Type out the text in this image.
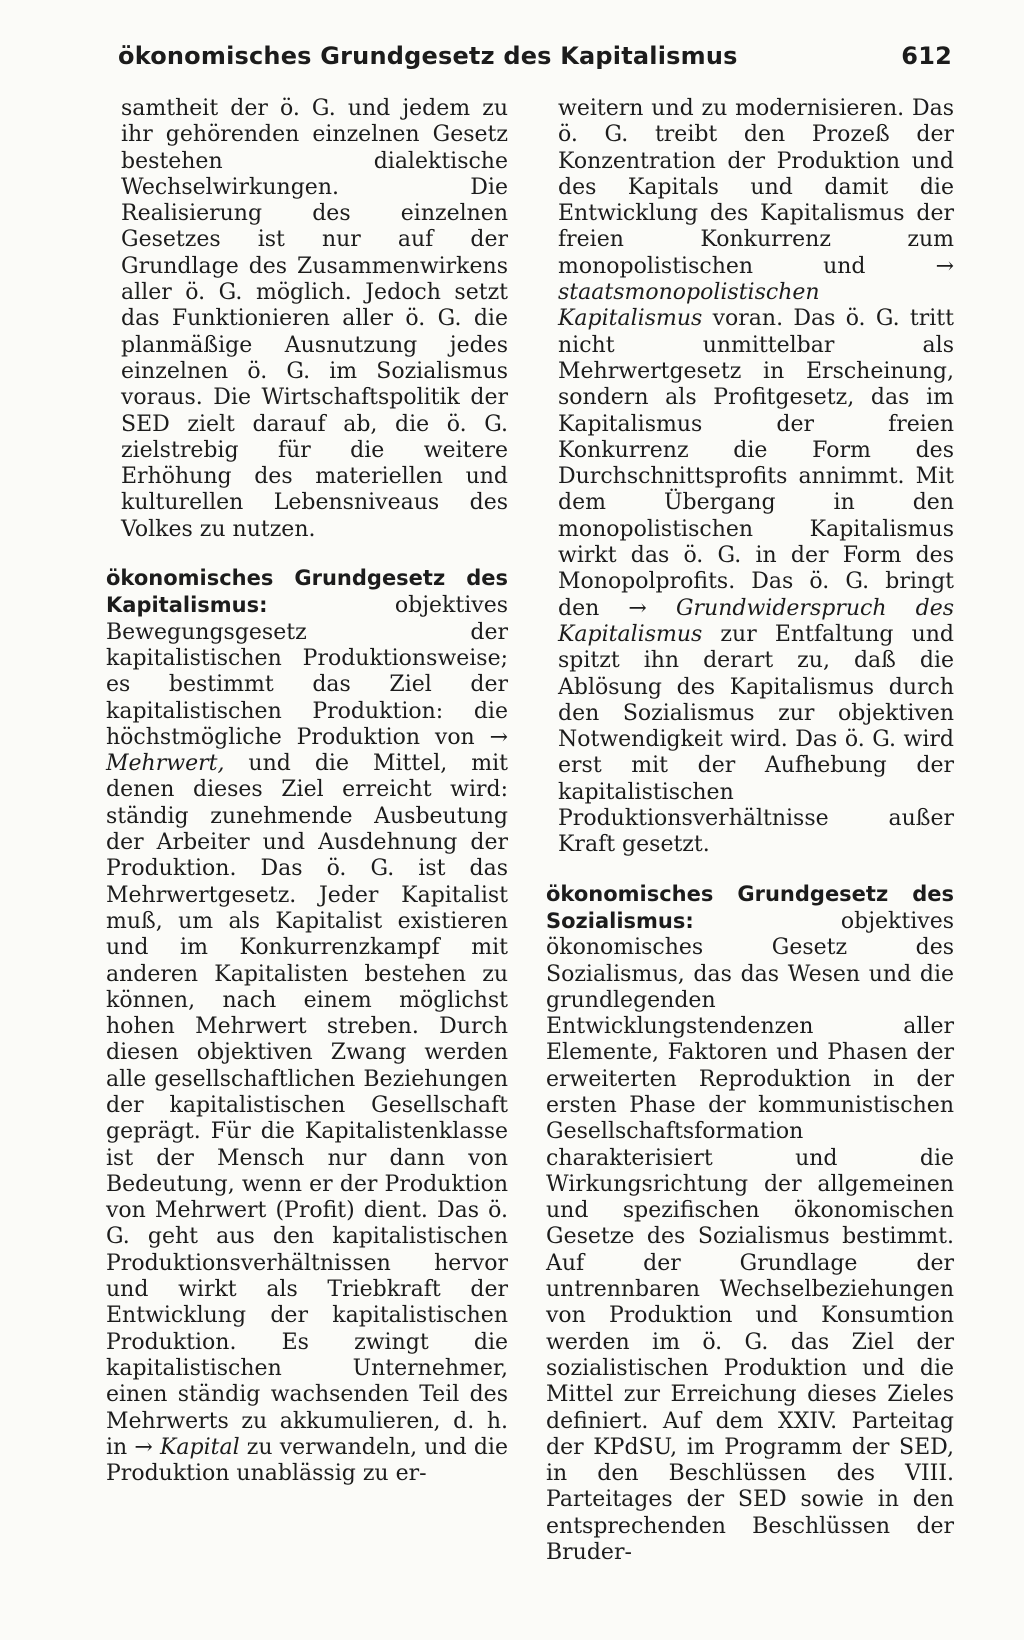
ökonomisches Grundgesetz des Kapitalismus	612

samtheit der ö. G. und jedem zu ihr gehörenden einzelnen Gesetz bestehen dialektische Wechselwirkungen. Die Realisierung des einzelnen Gesetzes ist nur auf der Grundlage des Zusammenwirkens aller ö. G. möglich. Jedoch setzt das Funktionieren aller ö. G. die planmäßige Ausnutzung jedes einzelnen ö. G. im Sozialismus voraus. Die Wirtschaftspolitik der SED zielt darauf ab, die ö. G. zielstrebig für die weitere Erhöhung des materiellen und kulturellen Lebensniveaus des Volkes zu nutzen.

ökonomisches Grundgesetz des Kapitalismus: objektives Bewegungsgesetz der kapitalistischen Produktionsweise; es bestimmt das Ziel der kapitalistischen Produktion: die höchstmögliche Produktion von → Mehrwert, und die Mittel, mit denen dieses Ziel erreicht wird: ständig zunehmende Ausbeutung der Arbeiter und Ausdehnung der Produktion. Das ö. G. ist das Mehrwertgesetz. Jeder Kapitalist muß, um als Kapitalist existieren und im Konkurrenzkampf mit anderen Kapitalisten bestehen zu können, nach einem möglichst hohen Mehrwert streben. Durch diesen objektiven Zwang werden alle gesellschaftlichen Beziehungen der kapitalistischen Gesellschaft geprägt. Für die Kapitalistenklasse ist der Mensch nur dann von Bedeutung, wenn er der Produktion von Mehrwert (Profit) dient. Das ö. G. geht aus den kapitalistischen Produktionsverhältnissen hervor und wirkt als Triebkraft der Entwicklung der kapitalistischen Produktion. Es zwingt die kapitalistischen Unternehmer, einen ständig wachsenden Teil des Mehrwerts zu akkumulieren, d. h. in → Kapital zu verwandeln, und die Produktion unablässig zu er-

weitern und zu modernisieren. Das ö. G. treibt den Prozeß der Konzentration der Produktion und des Kapitals und damit die Entwicklung des Kapitalismus der freien Konkurrenz zum monopolistischen und → staatsmonopolistischen Kapitalismus voran. Das ö. G. tritt nicht unmittelbar als Mehrwertgesetz in Erscheinung, sondern als Profitgesetz, das im Kapitalismus der freien Konkurrenz die Form des Durchschnittsprofits annimmt. Mit dem Übergang in den monopolistischen Kapitalismus wirkt das ö. G. in der Form des Monopolprofits. Das ö. G. bringt den → Grundwiderspruch des Kapitalismus zur Entfaltung und spitzt ihn derart zu, daß die Ablösung des Kapitalismus durch den Sozialismus zur objektiven Notwendigkeit wird. Das ö. G. wird erst mit der Aufhebung der kapitalistischen Produktionsverhältnisse außer Kraft gesetzt.

ökonomisches Grundgesetz des Sozialismus: objektives ökonomisches Gesetz des Sozialismus, das das Wesen und die grundlegenden Entwicklungstendenzen aller Elemente, Faktoren und Phasen der erweiterten Reproduktion in der ersten Phase der kommunistischen Gesellschaftsformation charakterisiert und die Wirkungsrichtung der allgemeinen und spezifischen ökonomischen Gesetze des Sozialismus bestimmt. Auf der Grundlage der untrennbaren Wechselbeziehungen von Produktion und Konsumtion werden im ö. G. das Ziel der sozialistischen Produktion und die Mittel zur Erreichung dieses Zieles definiert. Auf dem XXIV. Parteitag der KPdSU, im Programm der SED, in den Beschlüssen des VIII. Parteitages der SED sowie in den entsprechenden Beschlüssen der Bruder-
